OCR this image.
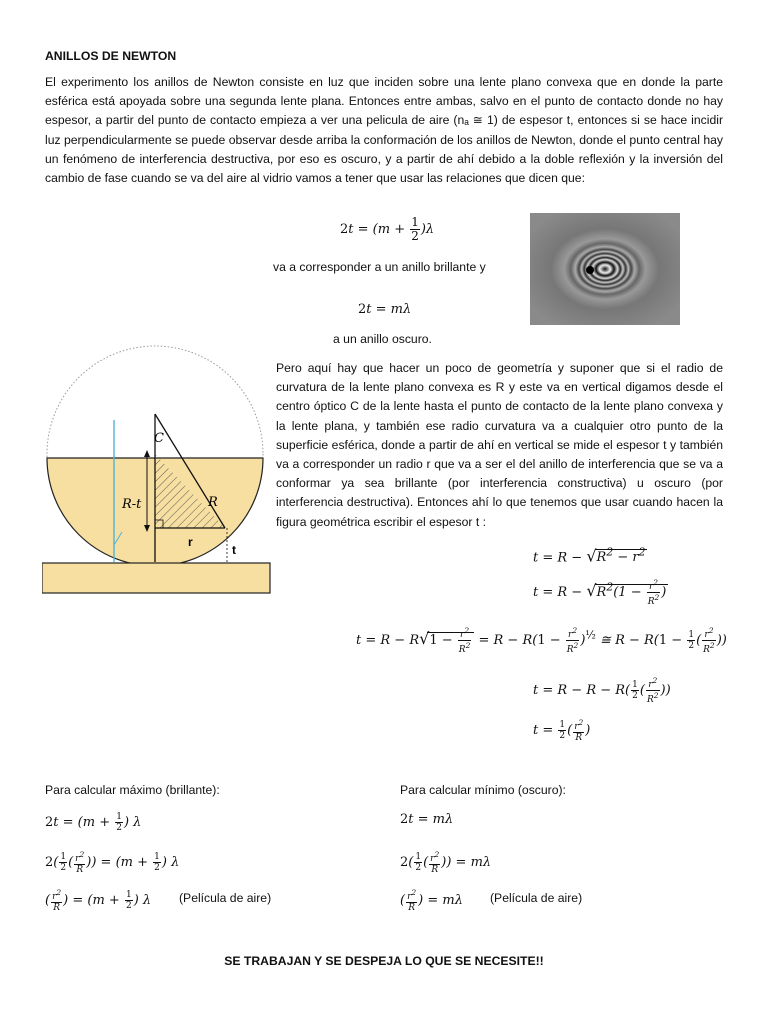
ANILLOS DE NEWTON
El experimento los anillos de Newton consiste en luz que inciden sobre una lente plano convexa que en donde la parte esférica está apoyada sobre una segunda lente plana. Entonces entre ambas, salvo en el punto de contacto donde no hay espesor, a partir del punto de contacto empieza a ver una pelicula de aire (nₐ ≅ 1) de espesor t, entonces si se hace incidir luz perpendicularmente se puede observar desde arriba la conformación de los anillos de Newton, donde el punto central hay un fenómeno de interferencia destructiva, por eso es oscuro, y a partir de ahí debido a la doble reflexión y la inversión del cambio de fase cuando se va del aire al vidrio vamos a tener que usar las relaciones que dicen que:
$2t = (m + \frac{1}{2} )\lambda$
va a corresponder a un anillo brillante y
2t = mλ
a un anillo oscuro.
C
R-t	R
r
t
Pero aquí hay que hacer un poco de geometría y suponer que si el radio de curvatura de la lente plano convexa es R y este va en vertical digamos desde el centro óptico C de la lente hasta el punto de contacto de la lente plano convexa y la lente plana, y también ese radio curvatura va a cualquier otro punto de la superficie esférica, donde a partir de ahí en vertical se mide el espesor t y también va a corresponder un radio r que va a ser el del anillo de interferencia que se va a conformar ya sea brillante (por interferencia constructiva) u oscuro (por interferencia destructiva). Entonces ahí lo que tenemos que usar cuando hacen la figura geométrica escribir el espesor t :
$t = R - √R^2 - r^2$
$t = R - √R^2(1 - \frac{r^2}{R^2}$ )
$t = R - R√1 - \frac{r^2}{R^2} = R - R(1 - \frac{r^2}{R^2} )^{\frac{1}{2}}$ ≅ $R - R(1 - \frac{1}{2}$ ( $\frac{r^2}{R^2}$ ))
$t = R - R - R( \frac{1}{2}$ ( $\frac{r^2}{R^2}$ ))
$t = \frac{1}{2}$ ( $\frac{r^2}{R}$ )
Para calcular máximo (brillante):	Para calcular mínimo (oscuro):
$2t = (m + \frac{1}{2}$ ) λ
$2( \frac{1}{2}$ ( $\frac{r^2}{R}$ )) = ($m + \frac{1}{2}$ ) λ
( $\frac{r^2}{R}$ ) = ($m + \frac{1}{2}$ ) λ (Película de aire)
2t = mλ
$2( \frac{1}{2}$ ( $\frac{r^2}{R}$ )) = mλ
( $\frac{r^2}{R}$ ) = mλ (Película de aire)
SE TRABAJAN Y SE DESPEJA LO QUE SE NECESITE!!
